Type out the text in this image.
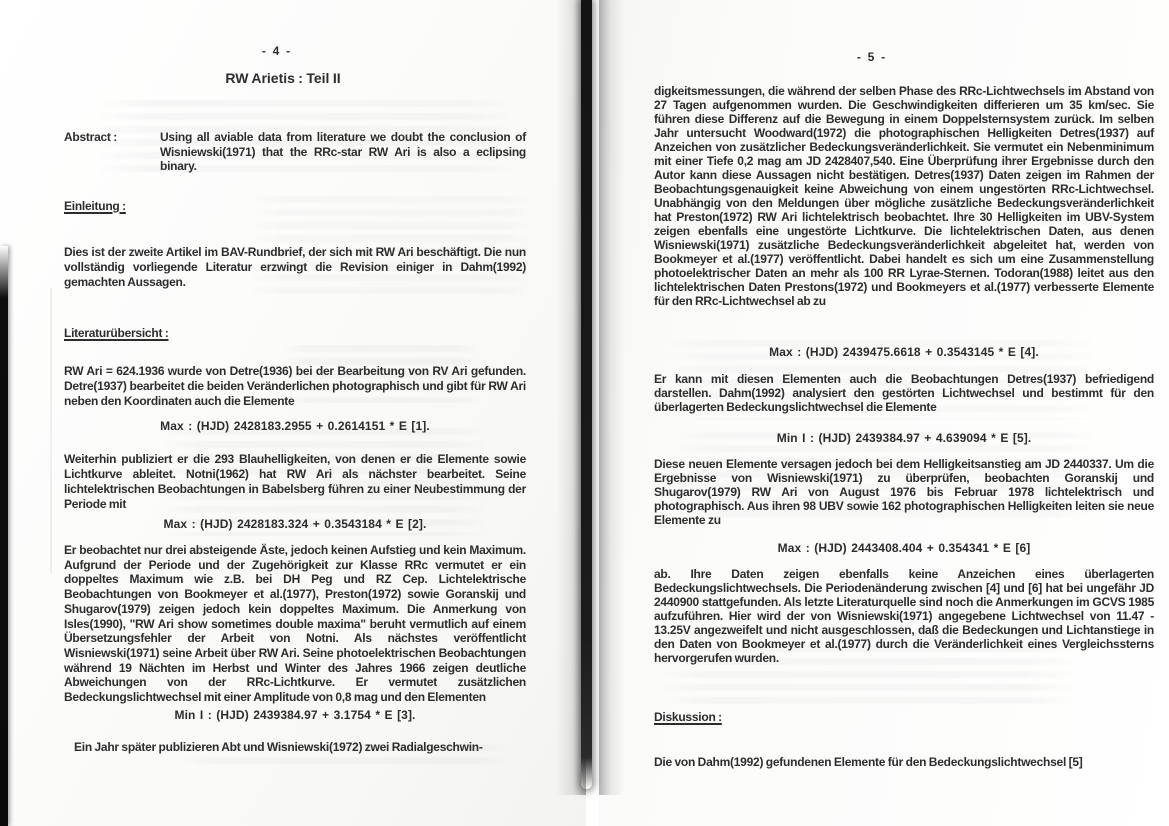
- 4 -
RW Arietis : Teil II
Abstract :	Using all aviable data from literature we doubt the conclusion of Wisniewski(1971) that the RRc-star RW Ari is also a eclipsing binary.
Einleitung :
Dies ist der zweite Artikel im BAV-Rundbrief, der sich mit RW Ari beschäftigt. Die nun vollständig vorliegende Literatur erzwingt die Revision einiger in Dahm(1992) gemachten Aussagen.
Literaturübersicht :
RW Ari = 624.1936 wurde von Detre(1936) bei der Bearbeitung von RV Ari gefunden. Detre(1937) bearbeitet die beiden Veränderlichen photographisch und gibt für RW Ari neben den Koordinaten auch die Elemente
Max : (HJD) 2428183.2955 + 0.2614151 * E [1].
Weiterhin publiziert er die 293 Blauhelligkeiten, von denen er die Elemente sowie Lichtkurve ableitet. Notni(1962) hat RW Ari als nächster bearbeitet. Seine lichtelektrischen Beobachtungen in Babelsberg führen zu einer Neubestimmung der Periode mit
Max : (HJD) 2428183.324 + 0.3543184 * E [2].
Er beobachtet nur drei absteigende Äste, jedoch keinen Aufstieg und kein Maximum. Aufgrund der Periode und der Zugehörigkeit zur Klasse RRc vermutet er ein doppeltes Maximum wie z.B. bei DH Peg und RZ Cep. Lichtelektrische Beobachtungen von Bookmeyer et al.(1977), Preston(1972) sowie Goranskij und Shugarov(1979) zeigen jedoch kein doppeltes Maximum. Die Anmerkung von Isles(1990), "RW Ari show sometimes double maxima" beruht vermutlich auf einem Übersetzungsfehler der Arbeit von Notni. Als nächstes veröffentlicht Wisniewski(1971) seine Arbeit über RW Ari. Seine photoelektrischen Beobachtungen während 19 Nächten im Herbst und Winter des Jahres 1966 zeigen deutliche Abweichungen von der RRc-Lichtkurve. Er vermutet zusätzlichen Bedeckungslichtwechsel mit einer Amplitude von 0,8 mag und den Elementen
Min I : (HJD) 2439384.97 + 3.1754 * E [3].
Ein Jahr später publizieren Abt und Wisniewski(1972) zwei Radialgeschwin-
- 5 -
digkeitsmessungen, die während der selben Phase des RRc-Lichtwechsels im Abstand von 27 Tagen aufgenommen wurden. Die Geschwindigkeiten differieren um 35 km/sec. Sie führen diese Differenz auf die Bewegung in einem Doppelsternsystem zurück. Im selben Jahr untersucht Woodward(1972) die photographischen Helligkeiten Detres(1937) auf Anzeichen von zusätzlicher Bedeckungsveränderlichkeit. Sie vermutet ein Nebenminimum mit einer Tiefe 0,2 mag am JD 2428407,540. Eine Überprüfung ihrer Ergebnisse durch den Autor kann diese Aussagen nicht bestätigen. Detres(1937) Daten zeigen im Rahmen der Beobachtungsgenauigkeit keine Abweichung von einem ungestörten RRc-Lichtwechsel. Unabhängig von den Meldungen über mögliche zusätzliche Bedeckungsveränderlichkeit hat Preston(1972) RW Ari lichtelektrisch beobachtet. Ihre 30 Helligkeiten im UBV-System zeigen ebenfalls eine ungestörte Lichtkurve. Die lichtelektrischen Daten, aus denen Wisniewski(1971) zusätzliche Bedeckungsveränderlichkeit abgeleitet hat, werden von Bookmeyer et al.(1977) veröffentlicht. Dabei handelt es sich um eine Zusammenstellung photoelektrischer Daten an mehr als 100 RR Lyrae-Sternen. Todoran(1988) leitet aus den lichtelektrischen Daten Prestons(1972) und Bookmeyers et al.(1977) verbesserte Elemente für den RRc-Lichtwechsel ab zu
Max : (HJD) 2439475.6618 + 0.3543145 * E [4].
Er kann mit diesen Elementen auch die Beobachtungen Detres(1937) befriedigend darstellen. Dahm(1992) analysiert den gestörten Lichtwechsel und bestimmt für den überlagerten Bedeckungslichtwechsel die Elemente
Min I : (HJD) 2439384.97 + 4.639094 * E [5].
Diese neuen Elemente versagen jedoch bei dem Helligkeitsanstieg am JD 2440337. Um die Ergebnisse von Wisniewski(1971) zu überprüfen, beobachten Goranskij und Shugarov(1979) RW Ari von August 1976 bis Februar 1978 lichtelektrisch und photographisch. Aus ihren 98 UBV sowie 162 photographischen Helligkeiten leiten sie neue Elemente zu
Max : (HJD) 2443408.404 + 0.354341 * E [6]
ab. Ihre Daten zeigen ebenfalls keine Anzeichen eines überlagerten Bedeckungslichtwechsels. Die Periodenänderung zwischen [4] und [6] hat bei ungefähr JD 2440900 stattgefunden. Als letzte Literaturquelle sind noch die Anmerkungen im GCVS 1985 aufzuführen. Hier wird der von Wisniewski(1971) angegebene Lichtwechsel von 11.47 - 13.25V angezweifelt und nicht ausgeschlossen, daß die Bedeckungen und Lichtanstiege in den Daten von Bookmeyer et al.(1977) durch die Veränderlichkeit eines Vergleichssterns hervorgerufen wurden.
Diskussion :
Die von Dahm(1992) gefundenen Elemente für den Bedeckungslichtwechsel [5]
